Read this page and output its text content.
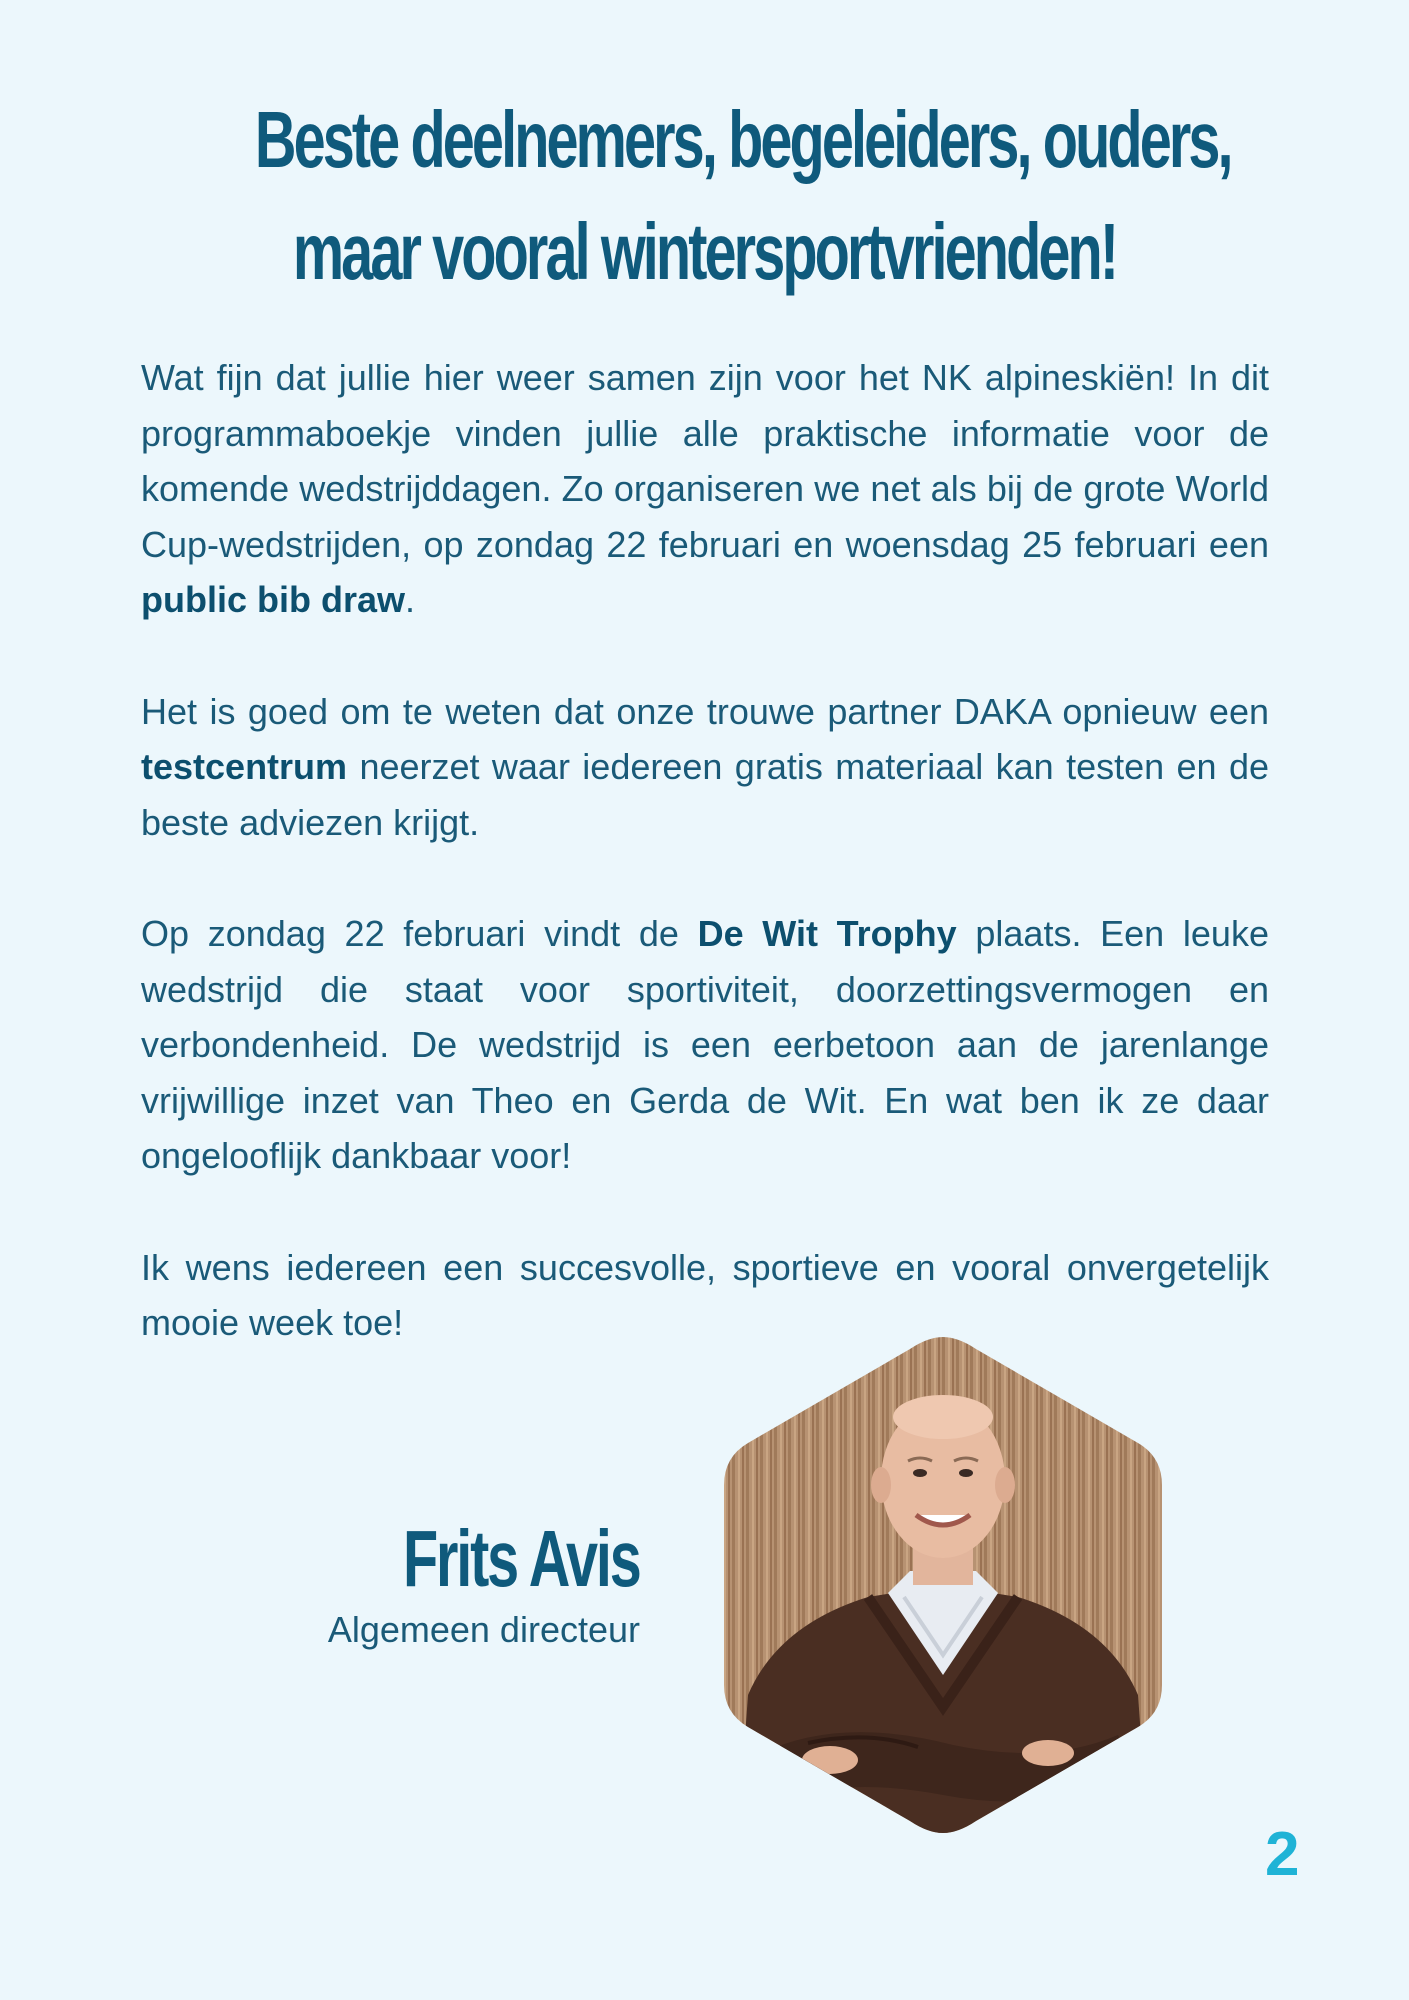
Beste deelnemers, begeleiders, ouders,
maar vooral wintersportvrienden!

Wat fijn dat jullie hier weer samen zijn voor het NK alpineskiën! In dit programmaboekje vinden jullie alle praktische informatie voor de komende wedstrijddagen. Zo organiseren we net als bij de grote World Cup-wedstrijden, op zondag 22 februari en woensdag 25 februari een public bib draw.

Het is goed om te weten dat onze trouwe partner DAKA opnieuw een testcentrum neerzet waar iedereen gratis materiaal kan testen en de beste adviezen krijgt.

Op zondag 22 februari vindt de De Wit Trophy plaats. Een leuke wedstrijd die staat voor sportiviteit, doorzettingsvermogen en verbondenheid. De wedstrijd is een eerbetoon aan de jarenlange vrijwillige inzet van Theo en Gerda de Wit. En wat ben ik ze daar ongelooflijk dankbaar voor!

Ik wens iedereen een succesvolle, sportieve en vooral onvergetelijk mooie week toe!

Frits Avis
Algemeen directeur
2
